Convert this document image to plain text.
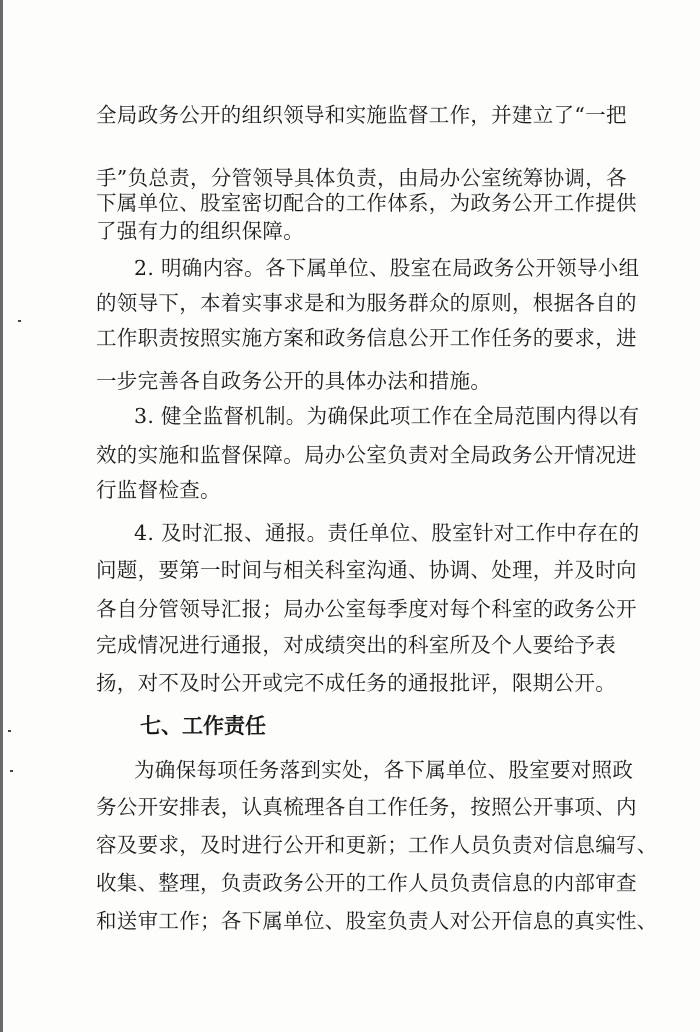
全局政务公开的组织领导和实施监督工作，并建立了“一把
手”负总责，分管领导具体负责，由局办公室统筹协调，各
下属单位、股室密切配合的工作体系，为政务公开工作提供
了强有力的组织保障。
2. 明确内容。各下属单位、股室在局政务公开领导小组
的领导下，本着实事求是和为服务群众的原则，根据各自的
工作职责按照实施方案和政务信息公开工作任务的要求，进
一步完善各自政务公开的具体办法和措施。
3. 健全监督机制。为确保此项工作在全局范围内得以有
效的实施和监督保障。局办公室负责对全局政务公开情况进
行监督检查。
4. 及时汇报、通报。责任单位、股室针对工作中存在的
问题，要第一时间与相关科室沟通、协调、处理，并及时向
各自分管领导汇报；局办公室每季度对每个科室的政务公开
完成情况进行通报，对成绩突出的科室所及个人要给予表
扬，对不及时公开或完不成任务的通报批评，限期公开。
七、工作责任
为确保每项任务落到实处，各下属单位、股室要对照政
务公开安排表，认真梳理各自工作任务，按照公开事项、内
容及要求，及时进行公开和更新；工作人员负责对信息编写、
收集、整理，负责政务公开的工作人员负责信息的内部审查
和送审工作；各下属单位、股室负责人对公开信息的真实性、
